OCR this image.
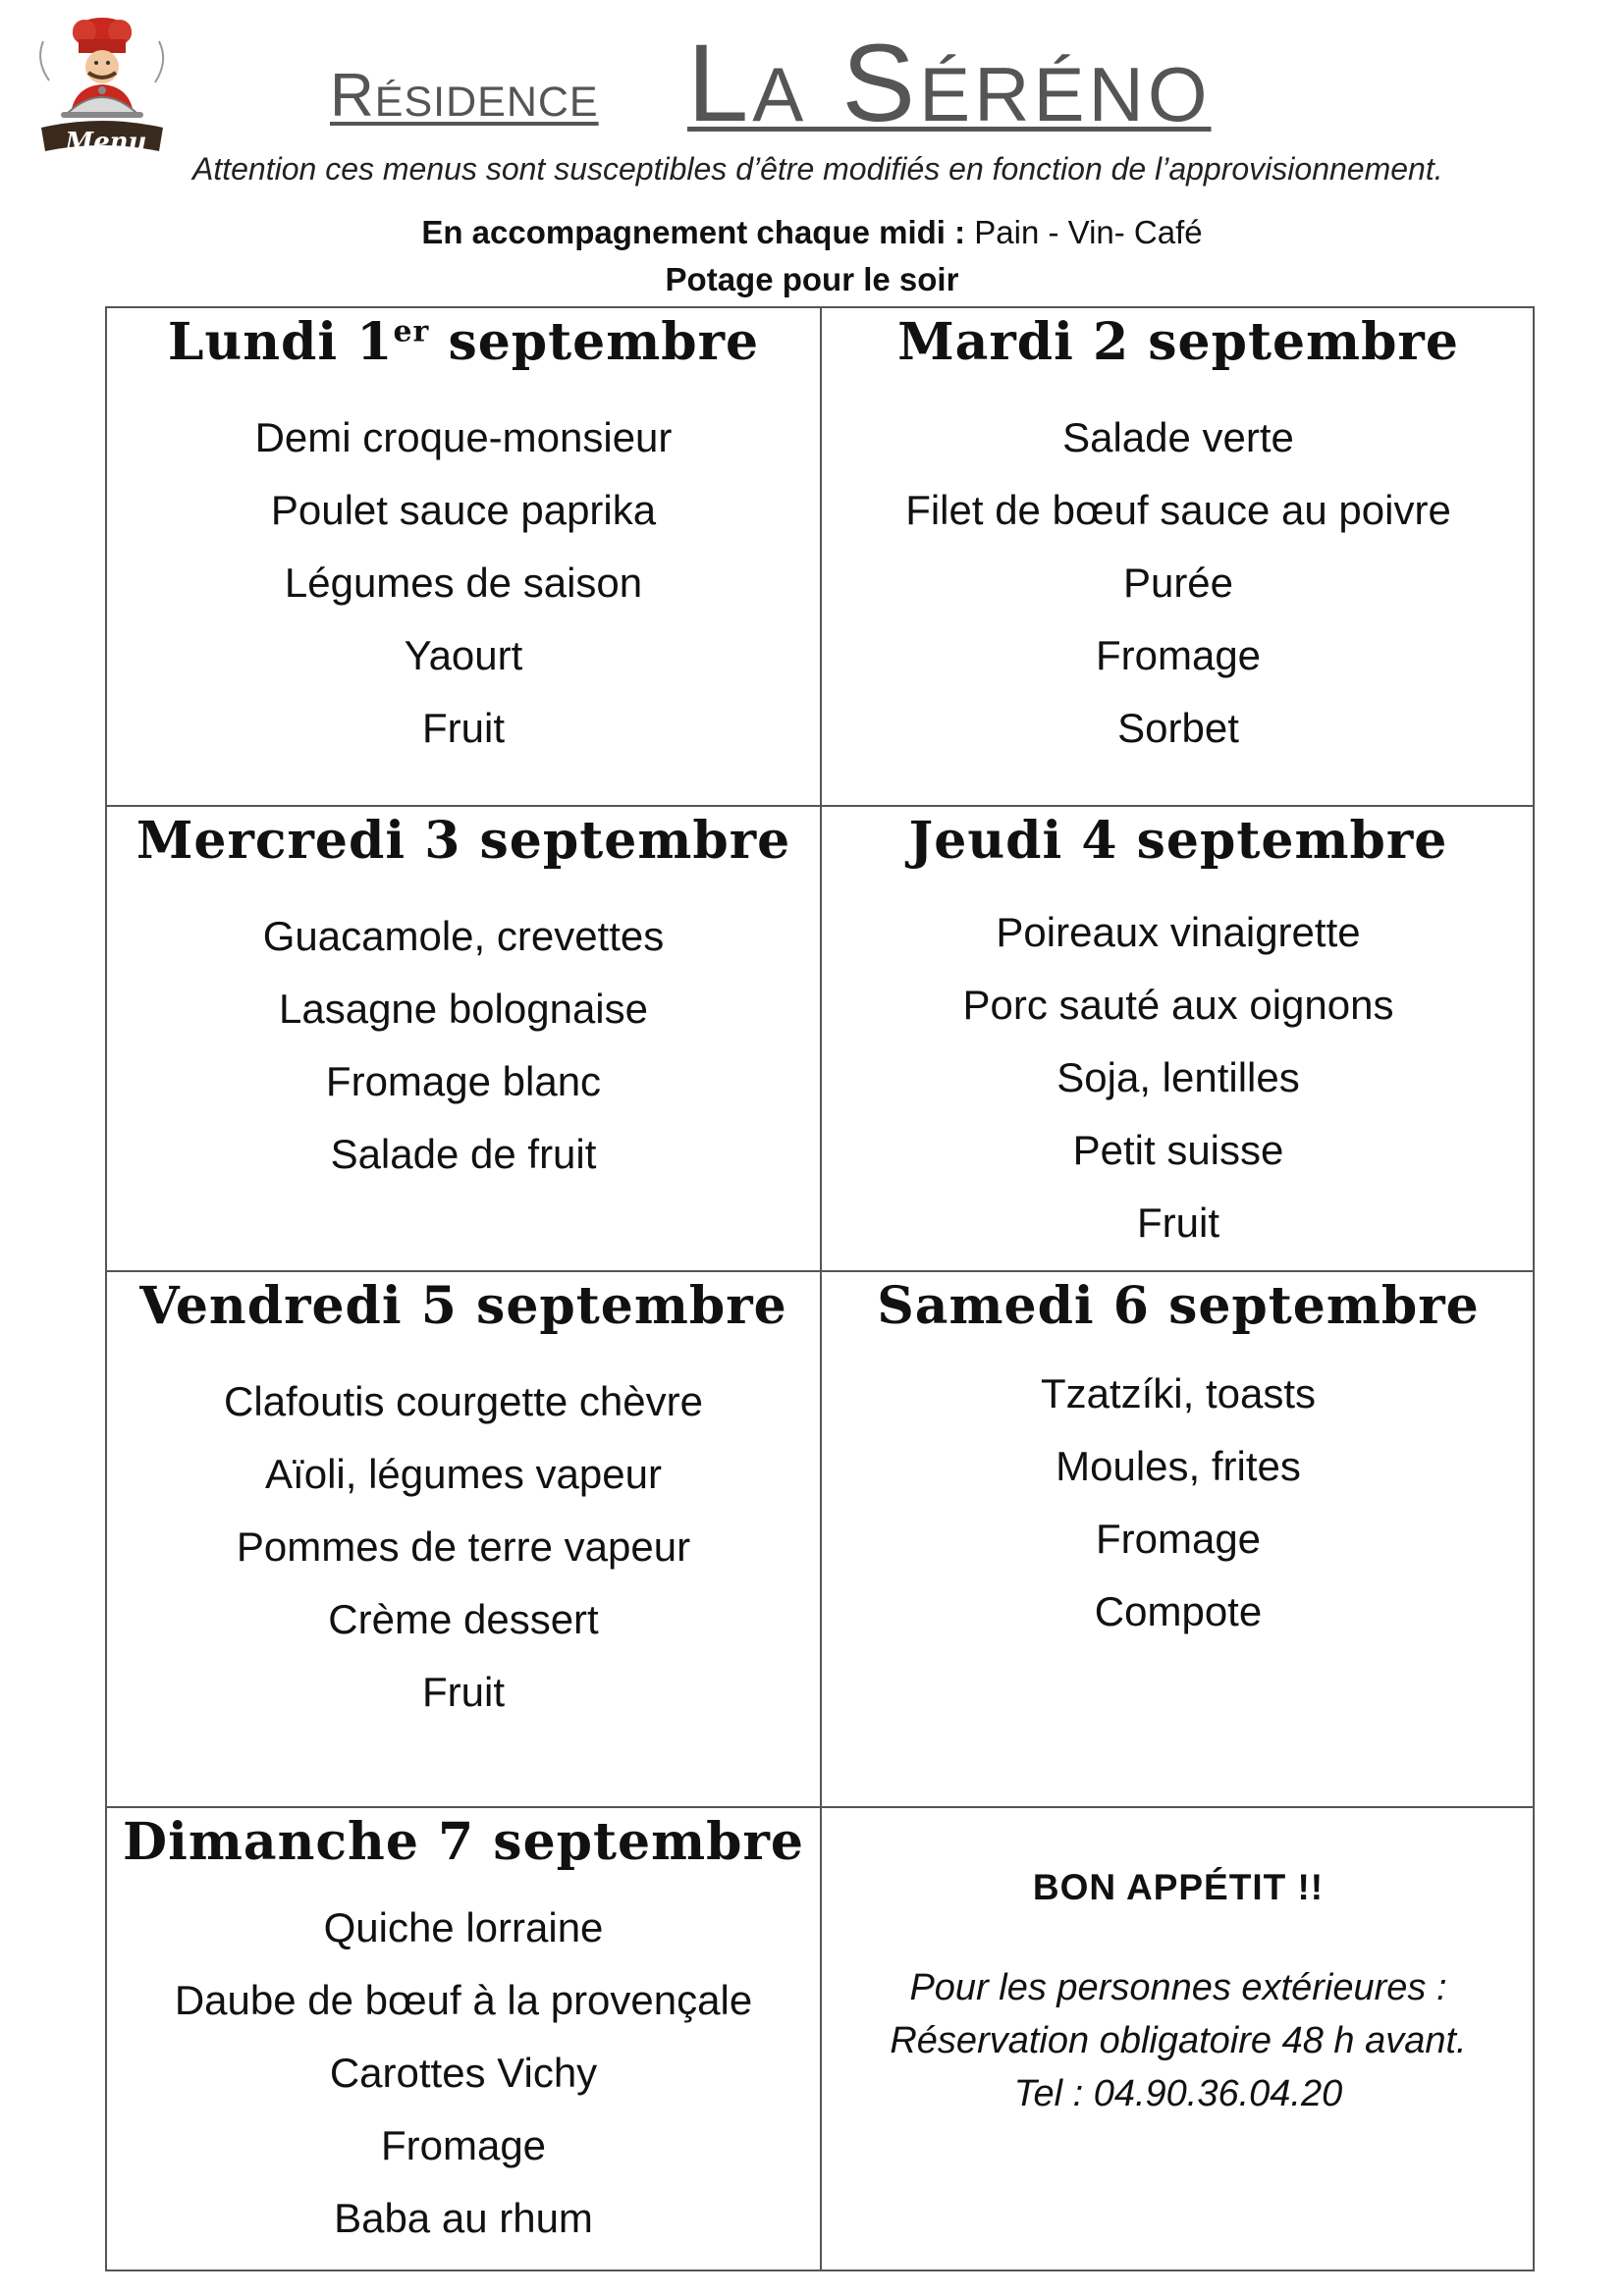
Menu
Résidence La Séréno
Attention ces menus sont susceptibles d’être modifiés en fonction de l’approvisionnement.
En accompagnement chaque midi : Pain - Vin- Café
Potage pour le soir
Lundi 1er septembre
Demi croque-monsieur
Poulet sauce paprika
Légumes de saison
Yaourt
Fruit
Mardi 2 septembre
Salade verte
Filet de bœuf sauce au poivre
Purée
Fromage
Sorbet
Mercredi 3 septembre
Guacamole, crevettes
Lasagne bolognaise
Fromage blanc
Salade de fruit
Jeudi 4 septembre
Poireaux vinaigrette
Porc sauté aux oignons
Soja, lentilles
Petit suisse
Fruit
Vendredi 5 septembre
Clafoutis courgette chèvre
Aïoli, légumes vapeur
Pommes de terre vapeur
Crème dessert
Fruit
Samedi 6 septembre
Tzatzíki, toasts
Moules, frites
Fromage
Compote
Dimanche 7 septembre
Quiche lorraine
Daube de bœuf à la provençale
Carottes Vichy
Fromage
Baba au rhum
BON APPÉTIT !!
Pour les personnes extérieures :
Réservation obligatoire 48 h avant.
Tel : 04.90.36.04.20
